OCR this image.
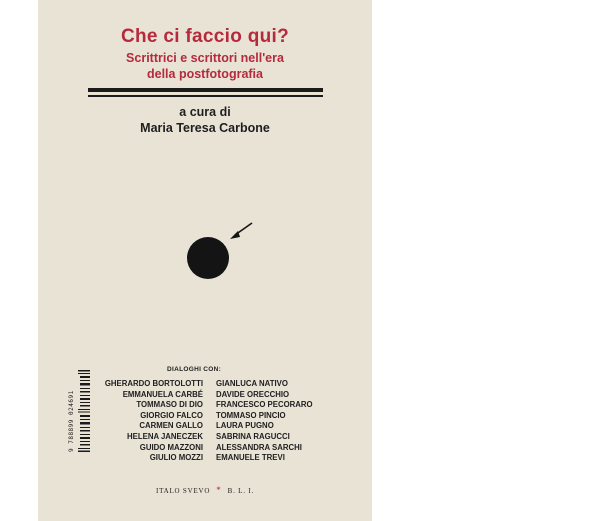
Che ci faccio qui?
Scrittrici e scrittori nell'era
della postfotografia
a cura di
Maria Teresa Carbone
DIALOGHI CON:
GHERARDO BORTOLOTTI
EMMANUELA CARBÉ
TOMMASO DI DIO
GIORGIO FALCO
CARMEN GALLO
HELENA JANECZEK
GUIDO MAZZONI
GIULIO MOZZI
GIANLUCA NATIVO
DAVIDE ORECCHIO
FRANCESCO PECORARO
TOMMASO PINCIO
LAURA PUGNO
SABRINA RAGUCCI
ALESSANDRA SARCHI
EMANUELE TREVI
9 788899 024691
ITALO SVEVO * B. L. I.
